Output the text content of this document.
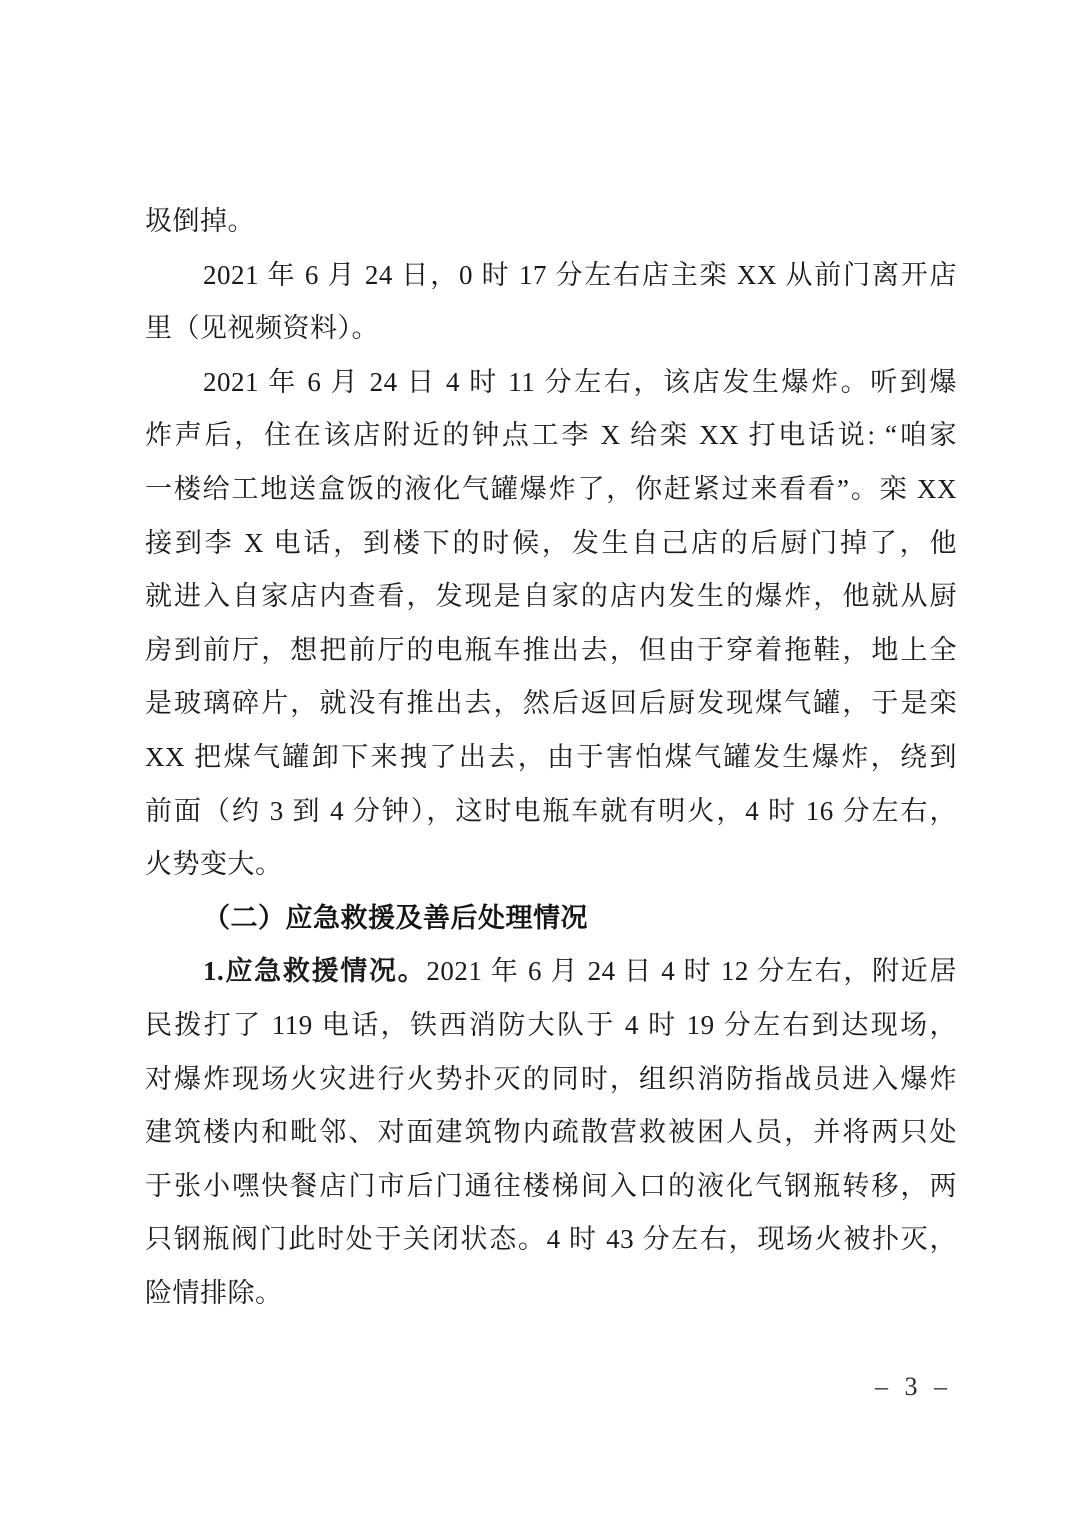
圾倒掉。
2021 年 6 月 24 日，0 时 17 分左右店主栾 XX 从前门离开店
里（见视频资料）。
2021 年 6 月 24 日 4 时 11 分左右，该店发生爆炸。听到爆
炸声后，住在该店附近的钟点工李 X 给栾 XX 打电话说: “咱家
一楼给工地送盒饭的液化气罐爆炸了，你赶紧过来看看”。栾 XX
接到李 X 电话，到楼下的时候，发生自己店的后厨门掉了，他
就进入自家店内查看，发现是自家的店内发生的爆炸，他就从厨
房到前厅，想把前厅的电瓶车推出去，但由于穿着拖鞋，地上全
是玻璃碎片，就没有推出去，然后返回后厨发现煤气罐，于是栾
XX 把煤气罐卸下来拽了出去，由于害怕煤气罐发生爆炸，绕到
前面（约 3 到 4 分钟），这时电瓶车就有明火，4 时 16 分左右，
火势变大。
（二）应急救援及善后处理情况
1.应急救援情况。2021 年 6 月 24 日 4 时 12 分左右，附近居
民拨打了 119 电话，铁西消防大队于 4 时 19 分左右到达现场，
对爆炸现场火灾进行火势扑灭的同时，组织消防指战员进入爆炸
建筑楼内和毗邻、对面建筑物内疏散营救被困人员，并将两只处
于张小嘿快餐店门市后门通往楼梯间入口的液化气钢瓶转移，两
只钢瓶阀门此时处于关闭状态。4 时 43 分左右，现场火被扑灭，
险情排除。
– 3 –
